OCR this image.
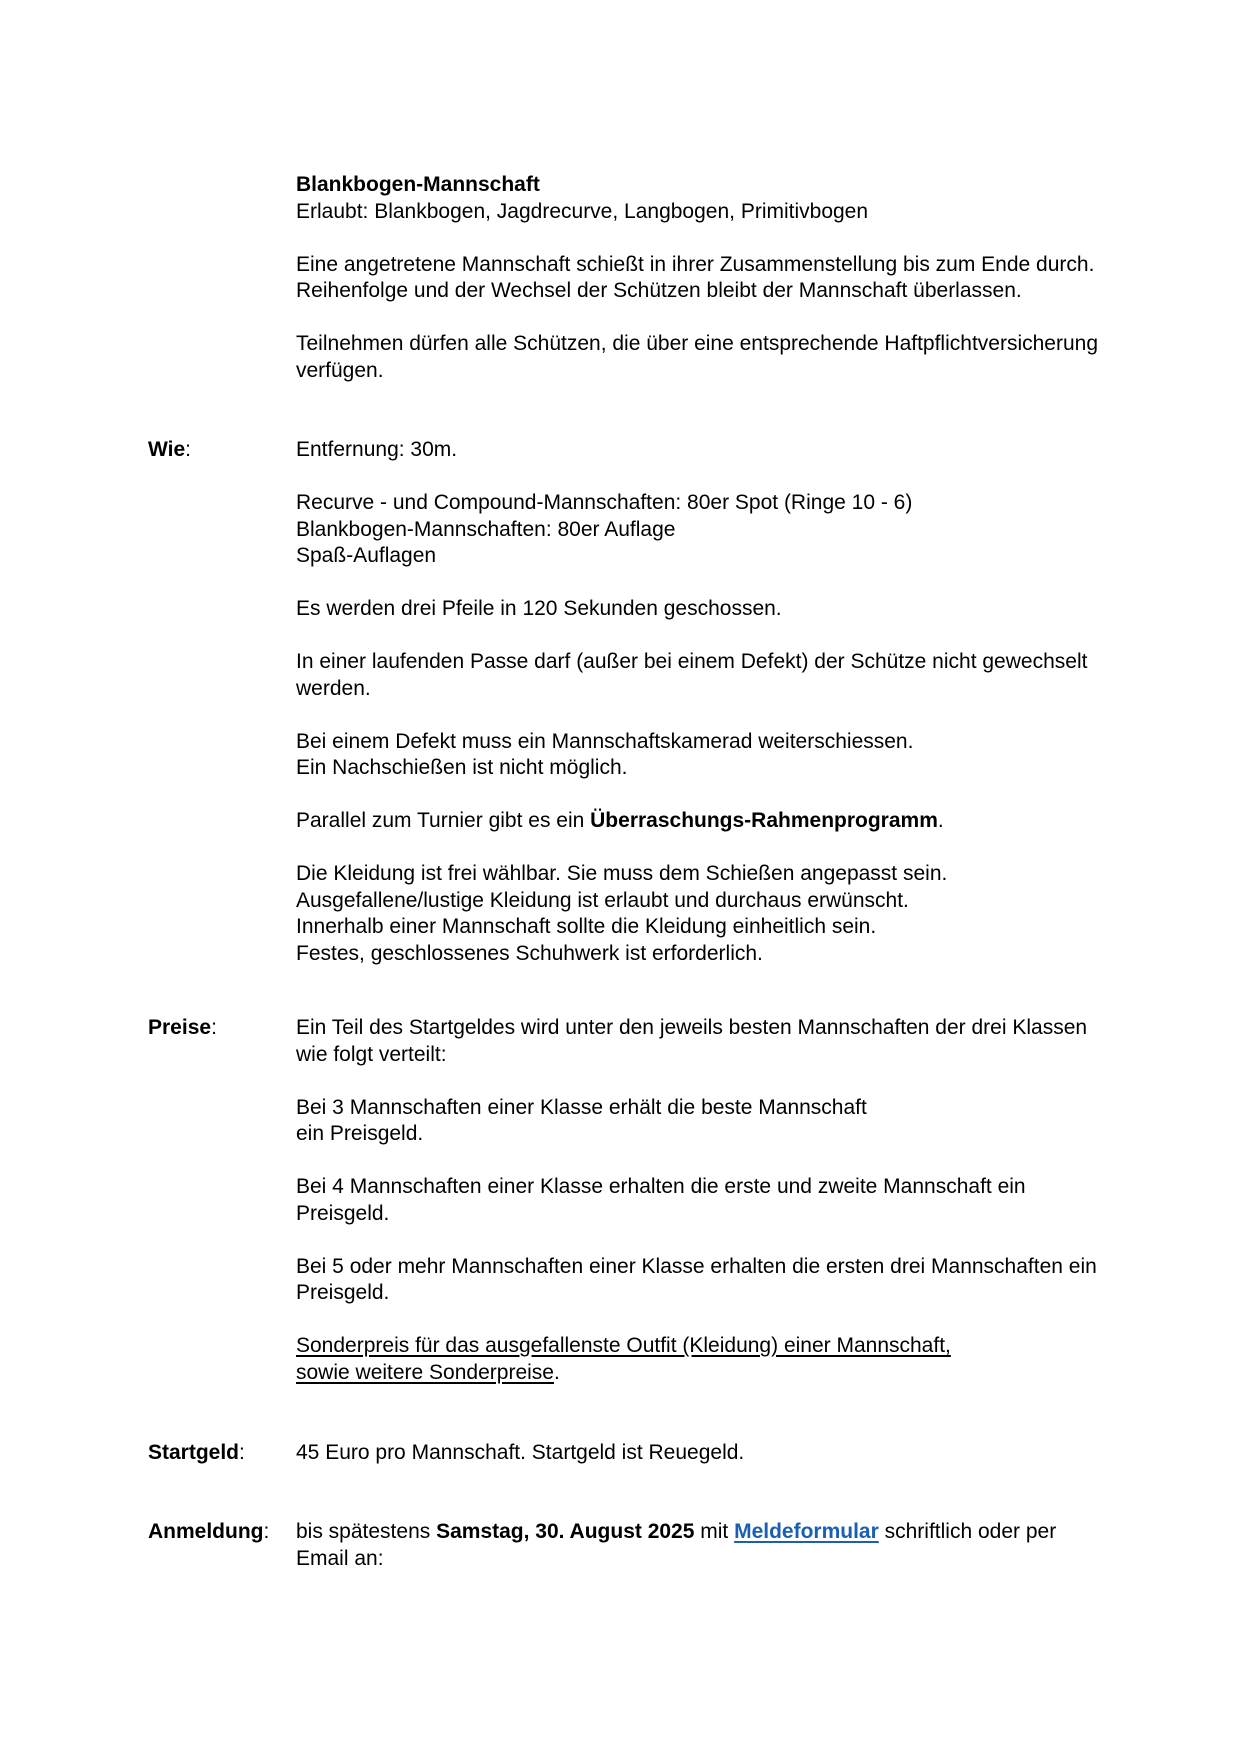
Blankbogen-Mannschaft
Erlaubt: Blankbogen, Jagdrecurve, Langbogen, Primitivbogen

Eine angetretene Mannschaft schießt in ihrer Zusammenstellung bis zum Ende durch. Reihenfolge und der Wechsel der Schützen bleibt der Mannschaft überlassen.

Teilnehmen dürfen alle Schützen, die über eine entsprechende Haftpflichtversicherung verfügen.

Wie:	Entfernung: 30m.

Recurve - und Compound-Mannschaften: 80er Spot (Ringe 10 - 6)
Blankbogen-Mannschaften: 80er Auflage
Spaß-Auflagen

Es werden drei Pfeile in 120 Sekunden geschossen.

In einer laufenden Passe darf (außer bei einem Defekt) der Schütze nicht gewechselt werden.

Bei einem Defekt muss ein Mannschaftskamerad weiterschiessen.
Ein Nachschießen ist nicht möglich.

Parallel zum Turnier gibt es ein Überraschungs-Rahmenprogramm.

Die Kleidung ist frei wählbar. Sie muss dem Schießen angepasst sein.
Ausgefallene/lustige Kleidung ist erlaubt und durchaus erwünscht.
Innerhalb einer Mannschaft sollte die Kleidung einheitlich sein.
Festes, geschlossenes Schuhwerk ist erforderlich.

Preise:	Ein Teil des Startgeldes wird unter den jeweils besten Mannschaften der drei Klassen wie folgt verteilt:

Bei 3 Mannschaften einer Klasse erhält die beste Mannschaft
ein Preisgeld.

Bei 4 Mannschaften einer Klasse erhalten die erste und zweite Mannschaft ein Preisgeld.

Bei 5 oder mehr Mannschaften einer Klasse erhalten die ersten drei Mannschaften ein Preisgeld.

Sonderpreis für das ausgefallenste Outfit (Kleidung) einer Mannschaft,
sowie weitere Sonderpreise.

Startgeld:	45 Euro pro Mannschaft. Startgeld ist Reuegeld.

Anmeldung:	bis spätestens Samstag, 30. August 2025 mit Meldeformular schriftlich oder per Email an:
